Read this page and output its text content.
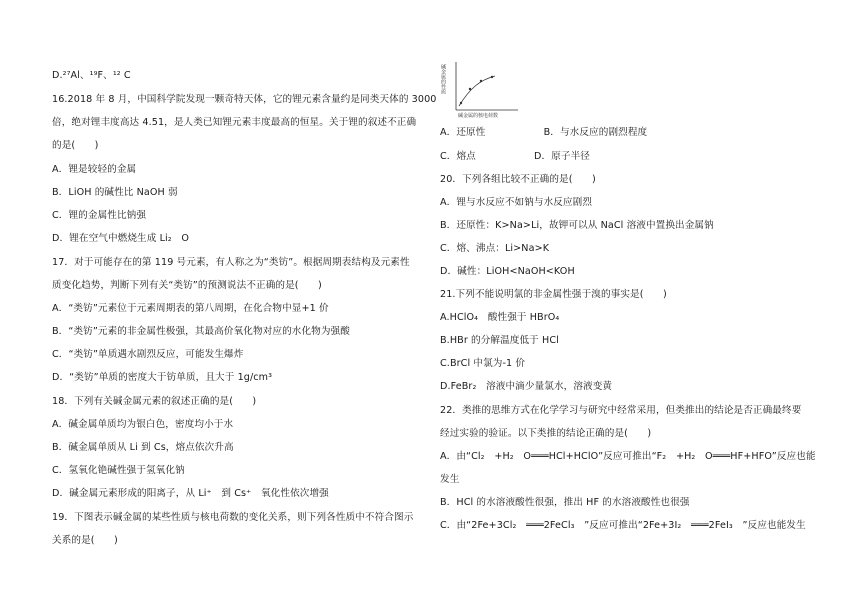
D.²⁷Al、¹⁹F、¹² C
16.2018 年 8 月，中国科学院发现一颗奇特天体，它的锂元素含量约是同类天体的 3000
倍，绝对锂丰度高达 4.51，是人类已知锂元素丰度最高的恒星。关于锂的叙述不正确
的是(　　)
A．锂是较轻的金属
B．LiOH 的碱性比 NaOH 弱
C．锂的金属性比钠强
D．锂在空气中燃烧生成 Li₂　O
17．对于可能存在的第 119 号元素，有人称之为“类钫”。根据周期表结构及元素性
质变化趋势，判断下列有关“类钫”的预测说法不正确的是(　　)
A．“类钫”元素位于元素周期表的第八周期，在化合物中显+1 价
B．“类钫”元素的非金属性极强，其最高价氧化物对应的水化物为强酸
C．“类钫”单质遇水剧烈反应，可能发生爆炸
D．“类钫”单质的密度大于钫单质，且大于 1g/cm³
18．下列有关碱金属元素的叙述正确的是(　　)
A．碱金属单质均为银白色，密度均小于水
B．碱金属单质从 Li 到 Cs，熔点依次升高
C．氢氧化铯碱性强于氢氧化钠
D．碱金属元素形成的阳离子，从 Li⁺　到 Cs⁺　氧化性依次增强
19．下图表示碱金属的某些性质与核电荷数的变化关系，则下列各性质中不符合图示
关系的是(　　)
碱金属的性质
碱金属的核电荷数
A．还原性　　　　　　B．与水反应的剧烈程度
C．熔点　　　　　　D．原子半径
20．下列各组比较不正确的是(　　)
A．锂与水反应不如钠与水反应剧烈
B．还原性：K>Na>Li，故钾可以从 NaCl 溶液中置换出金属钠
C．熔、沸点：Li>Na>K
D．碱性：LiOH<NaOH<KOH
21.下列不能说明氯的非金属性强于溴的事实是(　　)
A.HClO₄　酸性强于 HBrO₄
B.HBr 的分解温度低于 HCl
C.BrCl 中氯为-1 价
D.FeBr₂　溶液中滴少量氯水，溶液变黄
22．类推的思维方式在化学学习与研究中经常采用，但类推出的结论是否正确最终要
经过实验的验证。以下类推的结论正确的是(　　)
A．由“Cl₂　+H₂　O═══HCl+HClO”反应可推出“F₂　+H₂　O═══HF+HFO”反应也能
发生
B．HCl 的水溶液酸性很强，推出 HF 的水溶液酸性也很强
C．由“2Fe+3Cl₂　═══2FeCl₃　”反应可推出“2Fe+3I₂　═══2FeI₃　”反应也能发生
